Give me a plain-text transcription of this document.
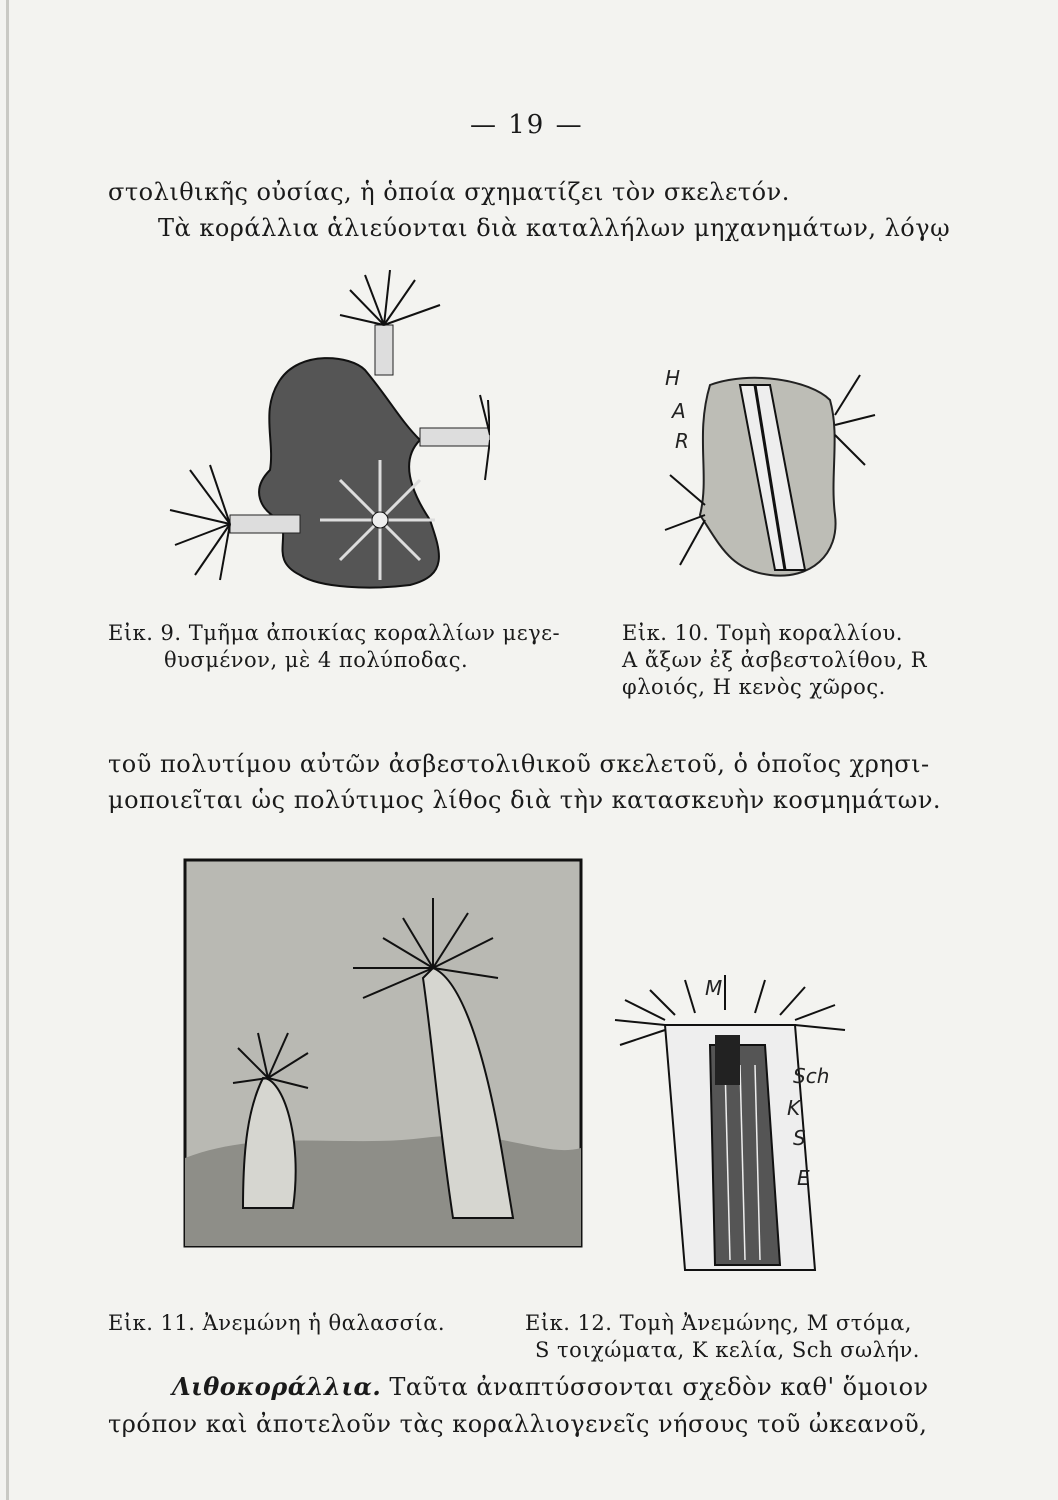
— 19 —
στολιθικῆς οὐσίας, ἡ ὁποία σχηματίζει τὸν σκελετόν.
Τὰ κοράλλια ἁλιεύονται διὰ καταλλήλων μηχανημάτων, λόγῳ
H
A
R
Εἰκ. 9. Τμῆμα ἀποικίας κοραλλίων μεγε-
θυσμένον, μὲ 4 πολύποδας.
Εἰκ. 10. Τομὴ κοραλλίου.
A ἄξων ἐξ ἀσβεστολίθου, R
φλοιός, H κενὸς χῶρος.
τοῦ πολυτίμου αὐτῶν ἀσβεστολιθικοῦ σκελετοῦ, ὁ ὁποῖος χρησι-
μοποιεῖται ὡς πολύτιμος λίθος διὰ τὴν κατασκευὴν κοσμημάτων.
M
Sch
K
S
E
Εἰκ. 11. Ἀνεμώνη ἡ θαλασσία.	Εἰκ. 12. Τομὴ Ἀνεμώνης, M στόμα,
S τοιχώματα, K κελία, Sch σωλήν.
Λιθοκοράλλια. Ταῦτα ἀναπτύσσονται σχεδὸν καθ' ὅμοιον
τρόπον καὶ ἀποτελοῦν τὰς κοραλλιογενεῖς νήσους τοῦ ὠκεανοῦ,
